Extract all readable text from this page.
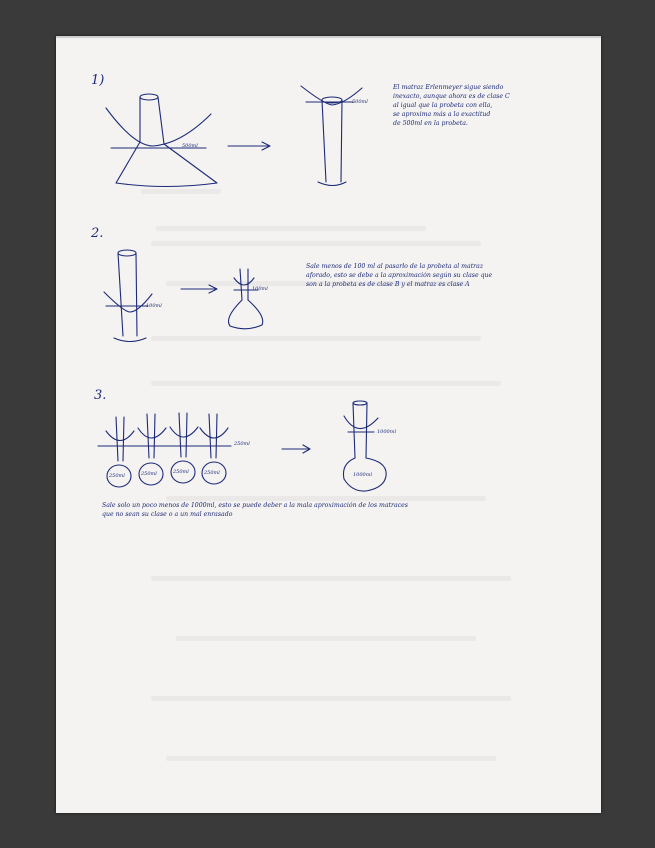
1)
500ml
500ml
El matraz Erlenmeyer sigue siendo
inexacto, aunque ahora es de clase C
al igual que la probeta con ella,
se aproxima más a la exactitud
de 500ml en la probeta.
2.
100ml
100ml
Sale menos de 100 ml al pasarlo de la probeta al matraz
aforado, esto se debe a la aproximación según su clase que
son a la probeta es de clase B y el matraz es clase A
3.
250ml
250ml	250ml	250ml	250ml
1000ml
1000ml
Sale solo un poco menos de 1000ml, esto se puede deber a la mala aproximación de los matraces
que no sean su clase o a un mal enrasado
